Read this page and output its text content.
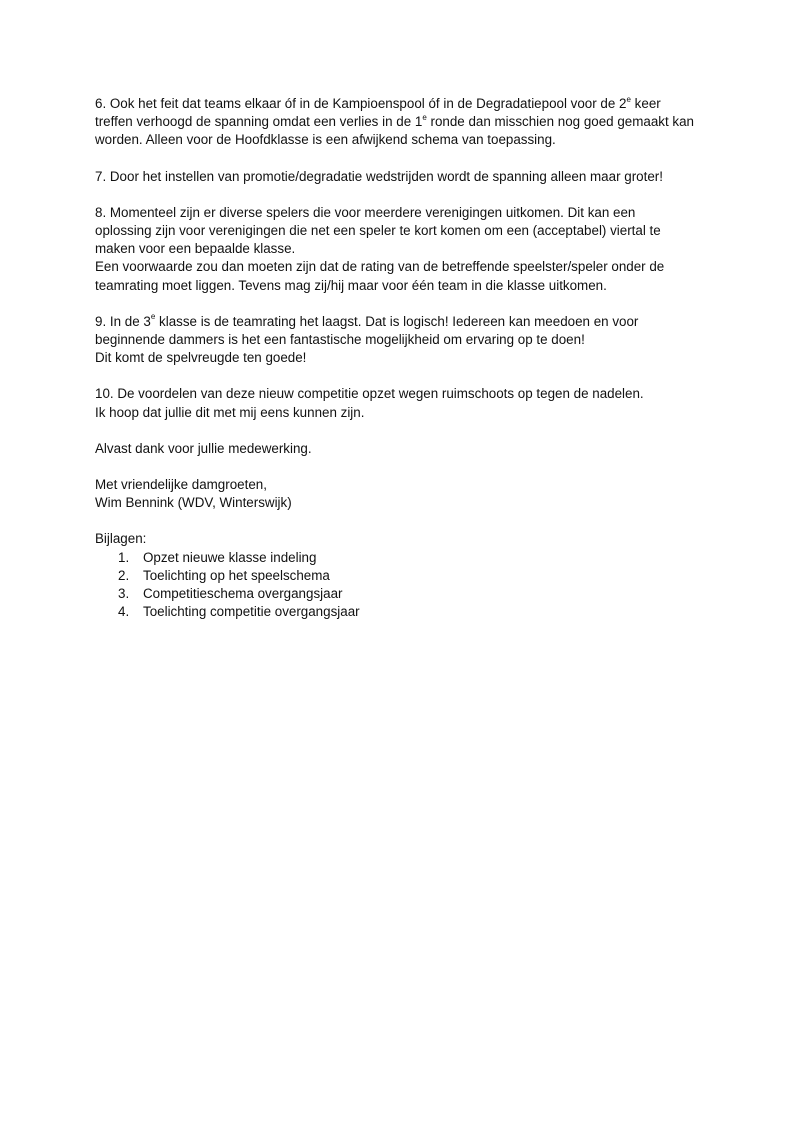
6. Ook het feit dat teams elkaar óf in de Kampioenspool óf in de Degradatiepool voor de 2e keer
treffen verhoogd de spanning omdat een verlies in de 1e ronde dan misschien nog goed gemaakt kan
worden. Alleen voor de Hoofdklasse is een afwijkend schema van toepassing.
7. Door het instellen van promotie/degradatie wedstrijden wordt de spanning alleen maar groter!
8. Momenteel zijn er diverse spelers die voor meerdere verenigingen uitkomen. Dit kan een
oplossing zijn voor verenigingen die net een speler te kort komen om een (acceptabel) viertal te
maken voor een bepaalde klasse.
Een voorwaarde zou dan moeten zijn dat de rating van de betreffende speelster/speler onder de
teamrating moet liggen. Tevens mag zij/hij maar voor één team in die klasse uitkomen.
9. In de 3e klasse is de teamrating het laagst. Dat is logisch! Iedereen kan meedoen en voor
beginnende dammers is het een fantastische mogelijkheid om ervaring op te doen!
Dit komt de spelvreugde ten goede!
10. De voordelen van deze nieuw competitie opzet wegen ruimschoots op tegen de nadelen.
Ik hoop dat jullie dit met mij eens kunnen zijn.
Alvast dank voor jullie medewerking.
Met vriendelijke damgroeten,
Wim Bennink (WDV, Winterswijk)
Bijlagen:
1. Opzet nieuwe klasse indeling
2. Toelichting op het speelschema
3. Competitieschema overgangsjaar
4. Toelichting competitie overgangsjaar
